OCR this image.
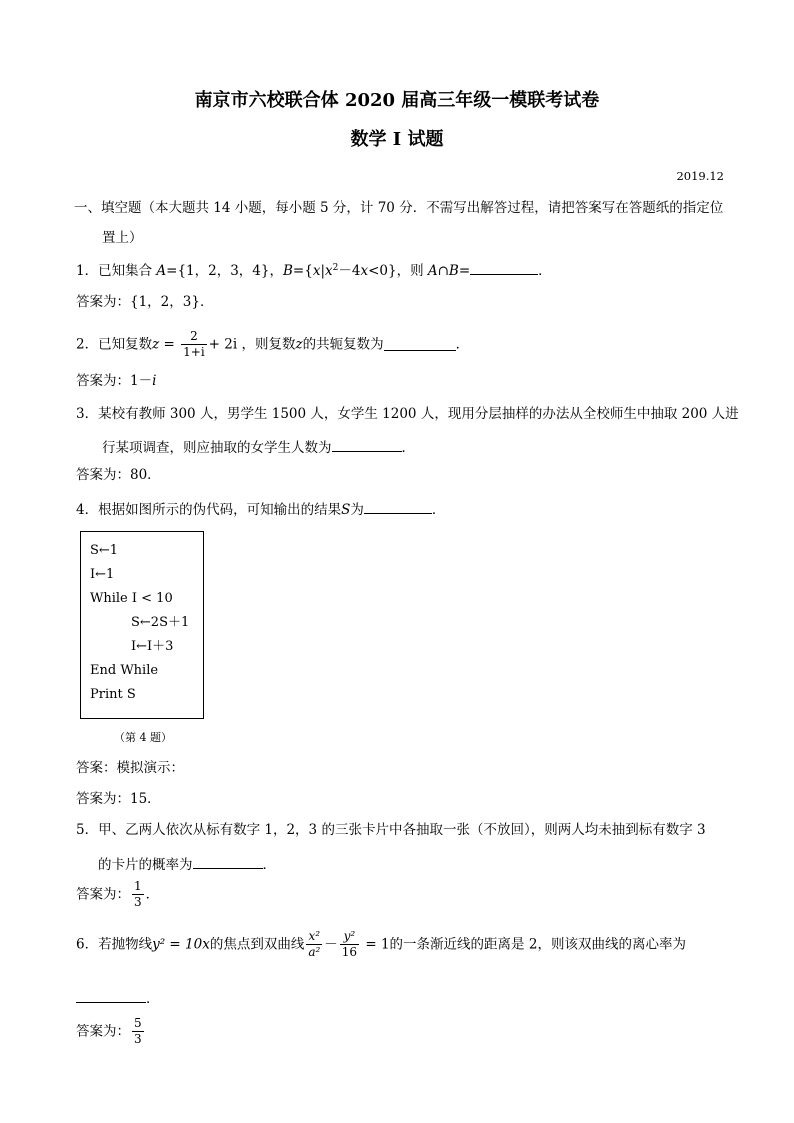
南京市六校联合体 2020 届高三年级一模联考试卷
数学 I 试题
2019.12
一、填空题（本大题共 14 小题，每小题 5 分，计 70 分．不需写出解答过程，请把答案写在答题纸的指定位
置上）
1．已知集合 A={1，2，3，4}，$B=\{x|x^2-4x<0\}$，则 A∩B=	．
答案为：{1，2，3}．
2．已知复数$z = \frac{2}{1+i} + 2i$ ，则复数z的共轭复数为	．
答案为：1－i
3．某校有教师 300 人，男学生 1500 人，女学生 1200 人，现用分层抽样的办法从全校师生中抽取 200 人进
行某项调查，则应抽取的女学生人数为	．
答案为：80．
4．根据如图所示的伪代码，可知输出的结果S为	．
S←1
I←1
While I < 10
S←2S＋1
I←I＋3
End While
Print S
（第 4 题）
答案：模拟演示：
答案为：15．
5．甲、乙两人依次从标有数字 1，2，3 的三张卡片中各抽取一张（不放回），则两人均未抽到标有数字 3
的卡片的概率为	．
答案为： $\frac{1}{3}$ ．
6．若抛物线y² = 10x的焦点到双曲线 $\frac{\text{x²}}{\text{a²}} - \frac{\text{y²}}{16} = 1$的一条渐近线的距离是 2，则该双曲线的离心率为
．
答案为： $\frac{5}{3}$
